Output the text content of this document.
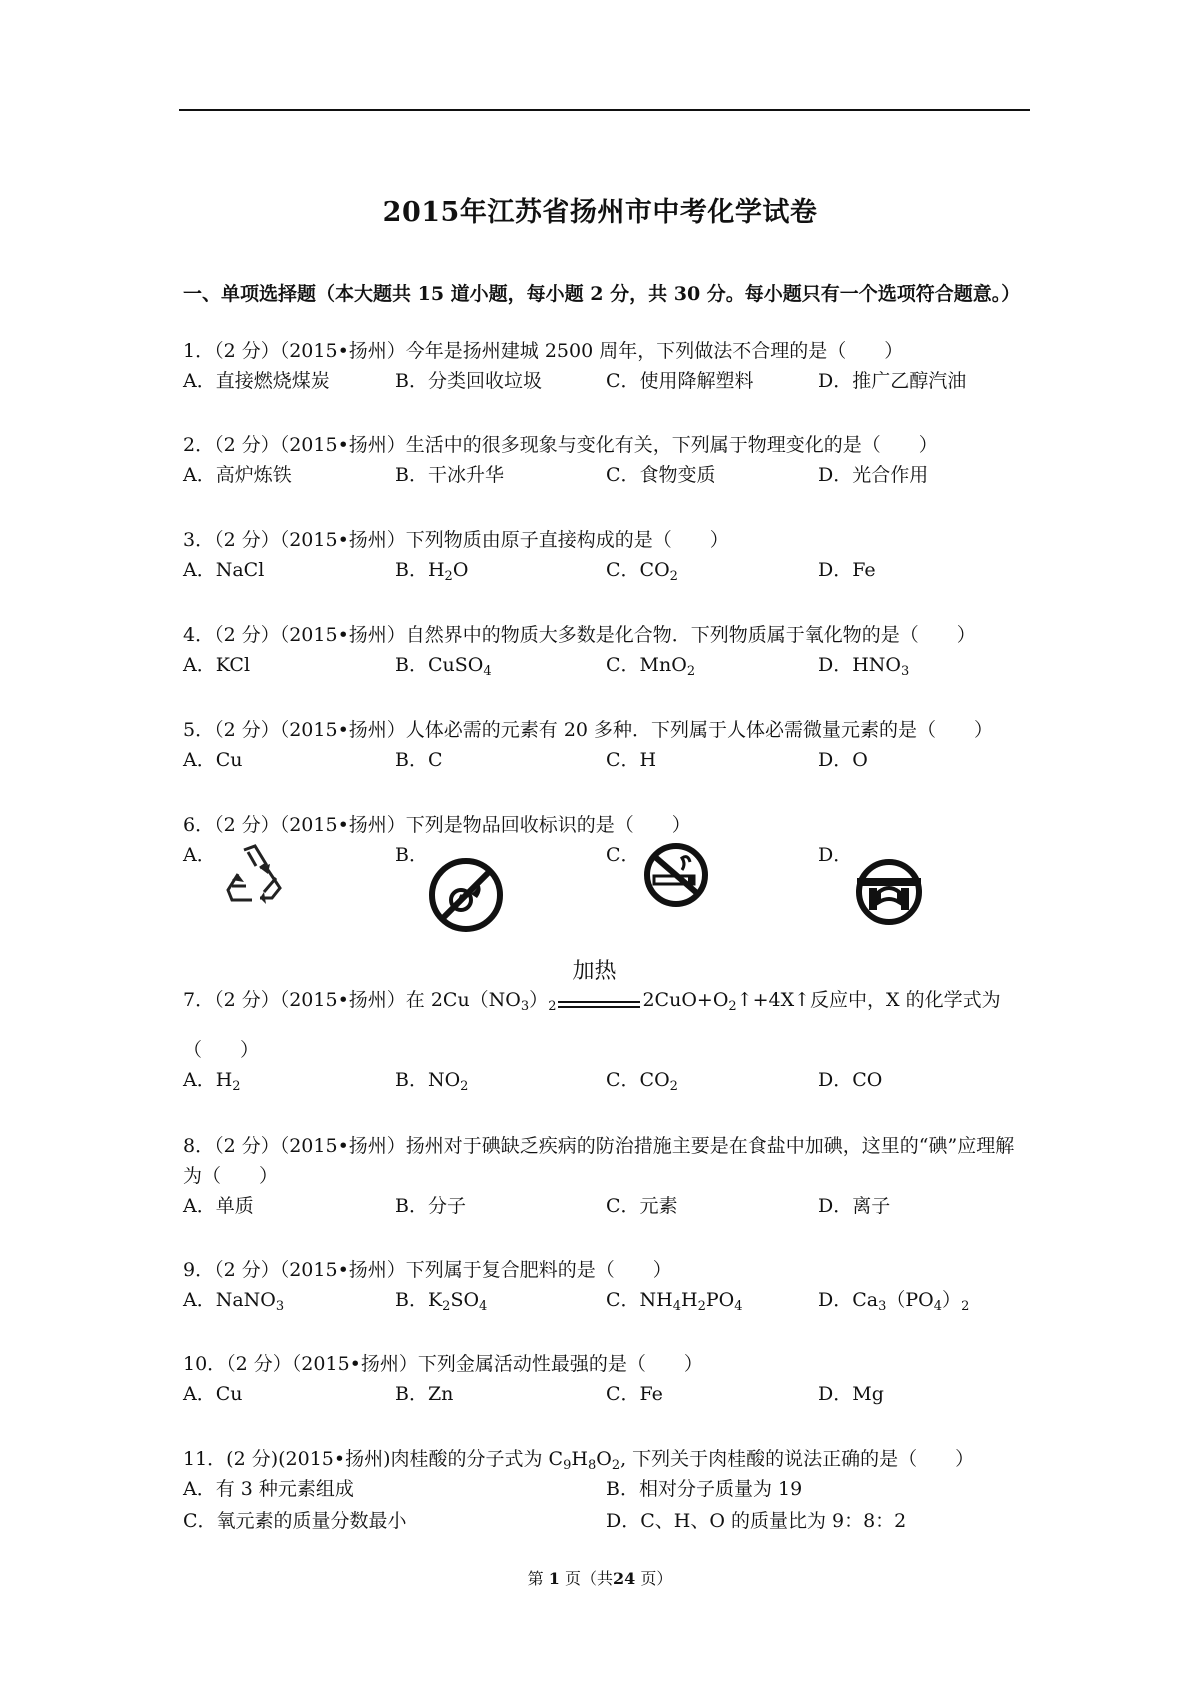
2015年江苏省扬州市中考化学试卷
一、单项选择题（本大题共 15 道小题，每小题 2 分，共 30 分。每小题只有一个选项符合题意。）
1．（2 分）（2015•扬州）今年是扬州建城 2500 周年，下列做法不合理的是（　　）
A．直接燃烧煤炭	B．分类回收垃圾	C．使用降解塑料	D．推广乙醇汽油
2．（2 分）（2015•扬州）生活中的很多现象与变化有关，下列属于物理变化的是（　　）
A．高炉炼铁	B．干冰升华	C．食物变质	D．光合作用
3．（2 分）（2015•扬州）下列物质由原子直接构成的是（　　）
A．NaCl	B．$H_2O$	C．$CO_2$	D．Fe
4．（2 分）（2015•扬州）自然界中的物质大多数是化合物．下列物质属于氧化物的是（　　）
A．KCl	B．CuSO$_4$	C．MnO$_2$	D．$HNO_3$
5．（2 分）（2015•扬州）人体必需的元素有 20 多种．下列属于人体必需微量元素的是（　　）
A．Cu	B．C	C．H	D．O
6．（2 分）（2015•扬州）下列是物品回收标识的是（　　）
A．	B．	C．	D．
7．（2 分）（2015•扬州）在 $2Cu(NO_3)_2$
加热
$2CuO+O_2↑+4X↑$反应中，X 的化学式为
（　　）
A．$H_2$	B．$NO_2$	C．$CO_2$	D．CO
8．（2 分）（2015•扬州）扬州对于碘缺乏疾病的防治措施主要是在食盐中加碘，这里的“碘”应理解为（　　）
A．单质	B．分子	C．元素	D．离子
9．（2 分）（2015•扬州）下列属于复合肥料的是（　　）
A．NaNO$_3$	B．$K_2SO_4$	C．$NH_4H_2PO_4$	D．$Ca_3(PO_4)_2$
10．（2 分）（2015•扬州）下列金属活动性最强的是（　　）
A．Cu	B．Zn	C．Fe	D．Mg
11．(2 分)(2015•扬州)肉桂酸的分子式为 $C_9H_8O_2$, 下列关于肉桂酸的说法正确的是（　　）
A．有 3 种元素组成	B．相对分子质量为 19
C．氧元素的质量分数最小	D．C、H、O 的质量比为 9：8：2
第 1 页（共24 页）
